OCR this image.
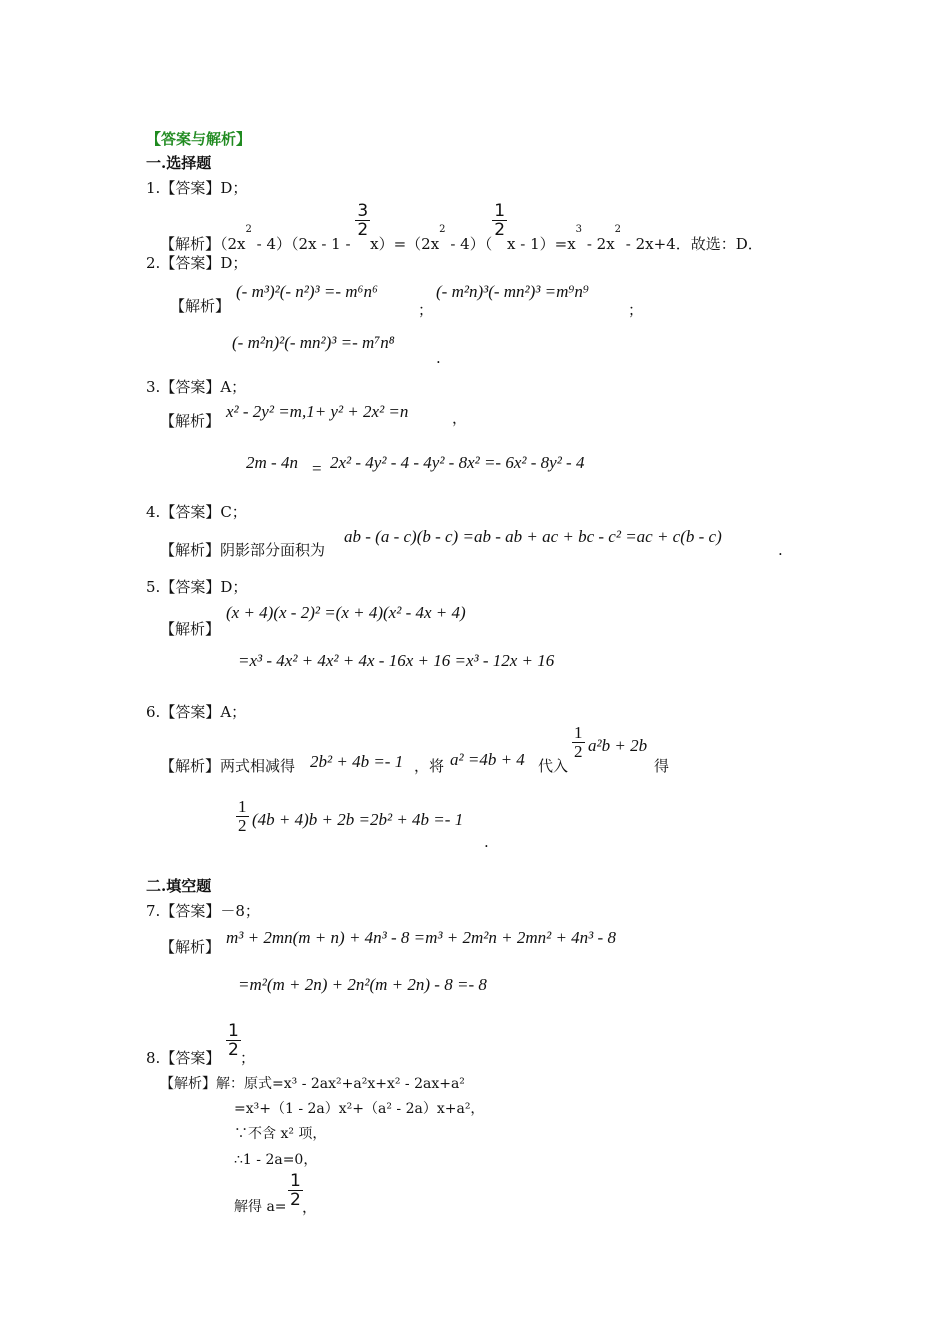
【答案与解析】
一.选择题
1.【答案】D；
【解析】$(2x^2 - 4)(2x - 1$ -
$\frac{3}{2}$
$x)=(2x^2 - 4)$（
$\frac{1}{2}$
$x - 1)=x^3 - 2x^2 - 2x+4$．故选：D．
2.【答案】D；
【解析】
(- m³)²(- n²)³ =- m⁶n⁶
；
(- m²n)³(- mn²)³ =m⁹n⁹
；
(- m²n)²(- mn²)³ =- m⁷n⁸
.
3.【答案】A；
【解析】 x² - 2y² =m,1+ y² + 2x² =n	，
2m - 4n = 2x² - 4y² - 4 - 4y² - 8x² =- 6x² - 8y² - 4
4.【答案】C；
【解析】阴影部分面积为
ab - (a - c)(b - c) =ab - ab + ac + bc - c² =ac + c(b - c)
.
5.【答案】D；
【解析】
(x + 4)(x - 2)² =(x + 4)(x² - 4x + 4)
=x³ - 4x² + 4x² + 4x - 16x + 16 =x³ - 12x + 16
6.【答案】A；
【解析】两式相减得 2b² + 4b =- 1 ，将 a² =4b + 4 代入
$\frac{1}{2} a^2b + 2b$
得
$\frac{1}{2} (4b + 4)b + 2b =2b^2 + 4b =- 1$
.
二.填空题
7.【答案】－8；
【解析】 m³ + 2mn(m + n) + 4n³ - 8 =m³ + 2m²n + 2mn² + 4n³ - 8
=m²(m + 2n) + 2n²(m + 2n) - 8 =- 8
8.【答案】 $\frac{1}{2}$ ；
【解析】解：原式=x³ - 2ax²+a²x+x² - 2ax+a²
=x³+（1 - 2a）x²+（a² - 2a）x+a²，
∵不含 x² 项，
∴1 - 2a=0，
解得 $a= \frac{1}{2}$ ，
